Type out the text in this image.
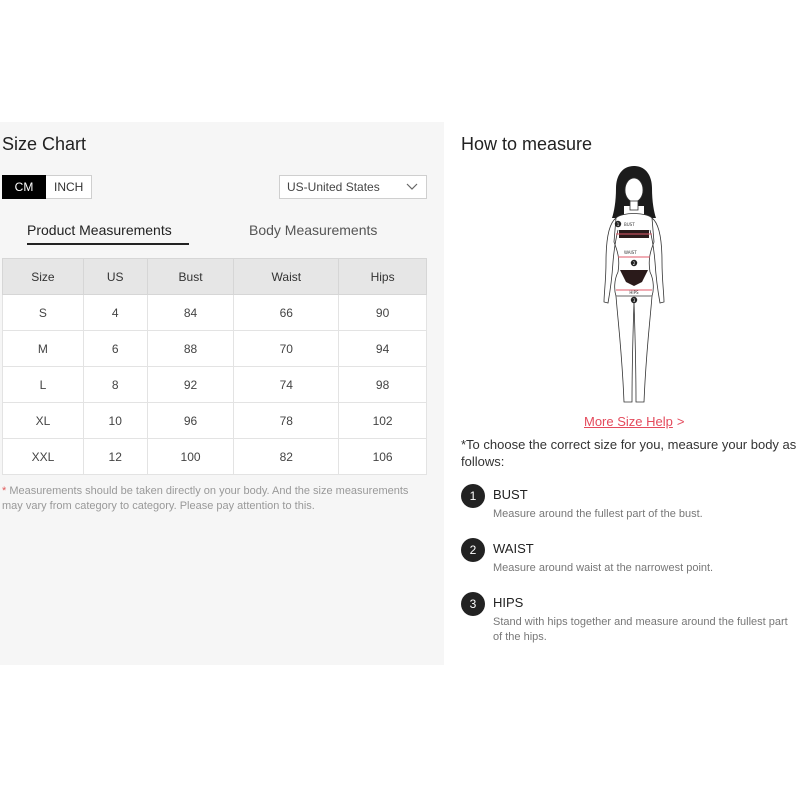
Size Chart
CM	INCH	US-United States
Product Measurements	Body Measurements
Size	US	Bust	Waist	Hips
S	4	84	66	90
M	6	88	70	94
L	8	92	74	98
XL	10	96	78	102
XXL	12	100	82	106
* Measurements should be taken directly on your body. And the size measurements may vary from category to category. Please pay attention to this.
How to measure
1 BUST
WAIST
2
HIPS
3
More Size Help >
*To choose the correct size for you, measure your body as follows:
1	BUST
Measure around the fullest part of the bust.
2	WAIST
Measure around waist at the narrowest point.
3	HIPS
Stand with hips together and measure around the fullest part of the hips.
